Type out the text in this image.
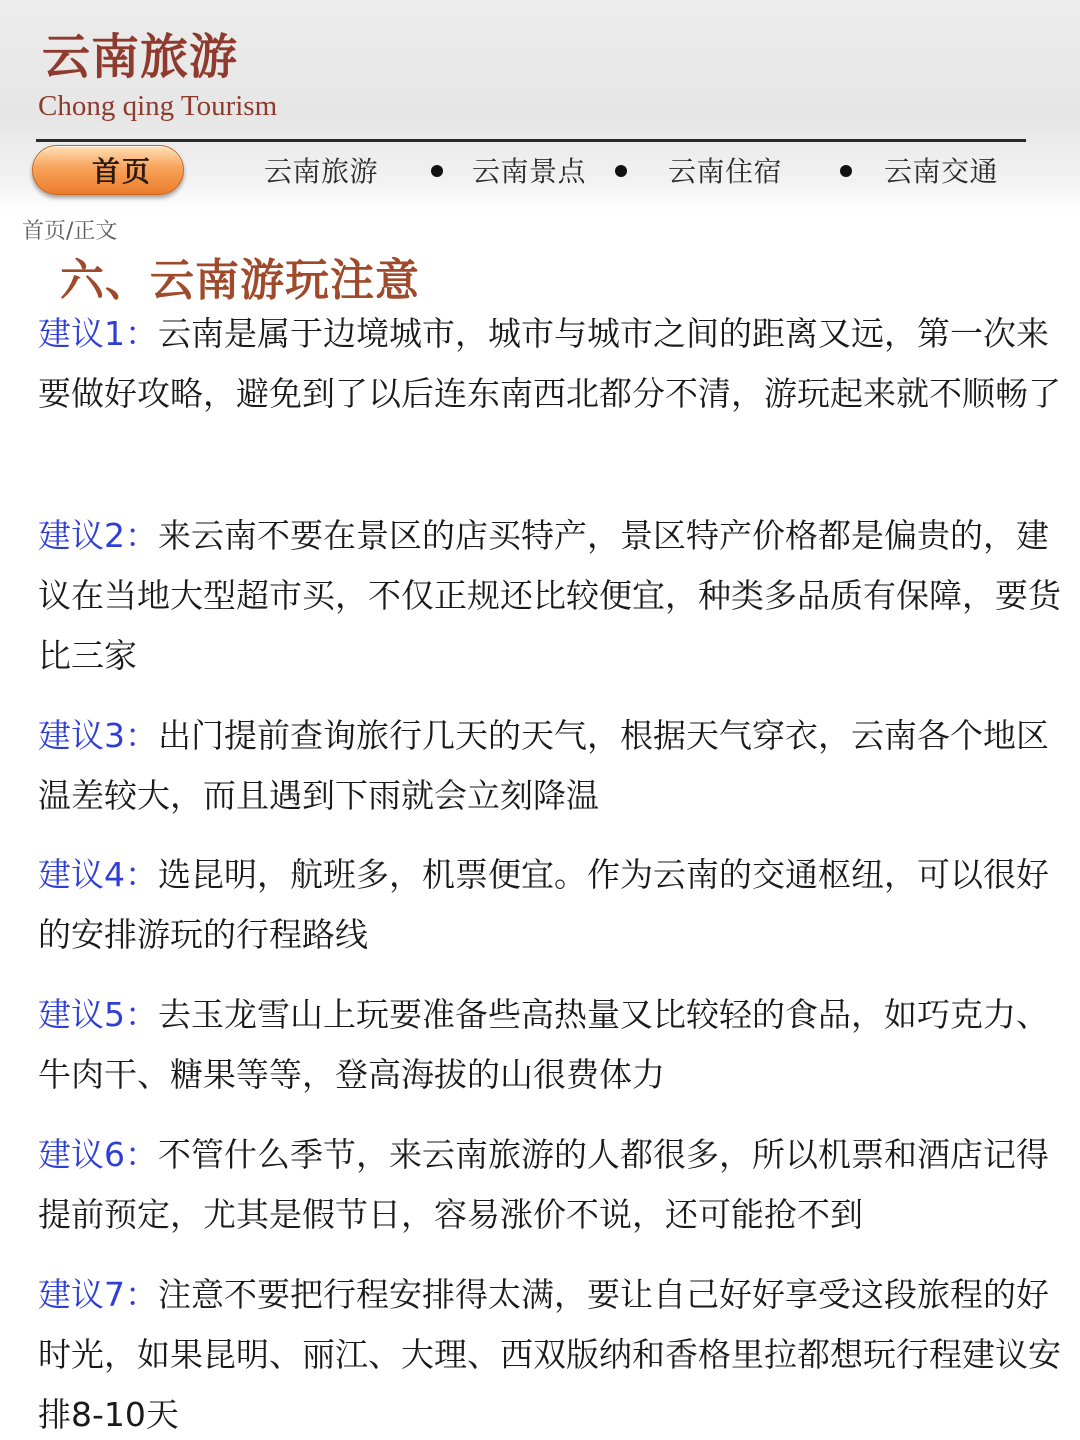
云南旅游
Chong qing Tourism
首页	云南旅游	云南景点	云南住宿	云南交通
首页/正文
六、云南游玩注意

建议1：云南是属于边境城市，城市与城市之间的距离又远，第一次来要做好攻略，避免到了以后连东南西北都分不清，游玩起来就不顺畅了

建议2：来云南不要在景区的店买特产，景区特产价格都是偏贵的，建议在当地大型超市买，不仅正规还比较便宜，种类多品质有保障，要货比三家

建议3：出门提前查询旅行几天的天气，根据天气穿衣，云南各个地区温差较大，而且遇到下雨就会立刻降温

建议4：选昆明，航班多，机票便宜。作为云南的交通枢纽，可以很好的安排游玩的行程路线

建议5：去玉龙雪山上玩要准备些高热量又比较轻的食品，如巧克力、牛肉干、糖果等等，登高海拔的山很费体力

建议6：不管什么季节，来云南旅游的人都很多，所以机票和酒店记得提前预定，尤其是假节日，容易涨价不说，还可能抢不到

建议7：注意不要把行程安排得太满，要让自己好好享受这段旅程的好时光，如果昆明、丽江、大理、西双版纳和香格里拉都想玩行程建议安排8-10天
